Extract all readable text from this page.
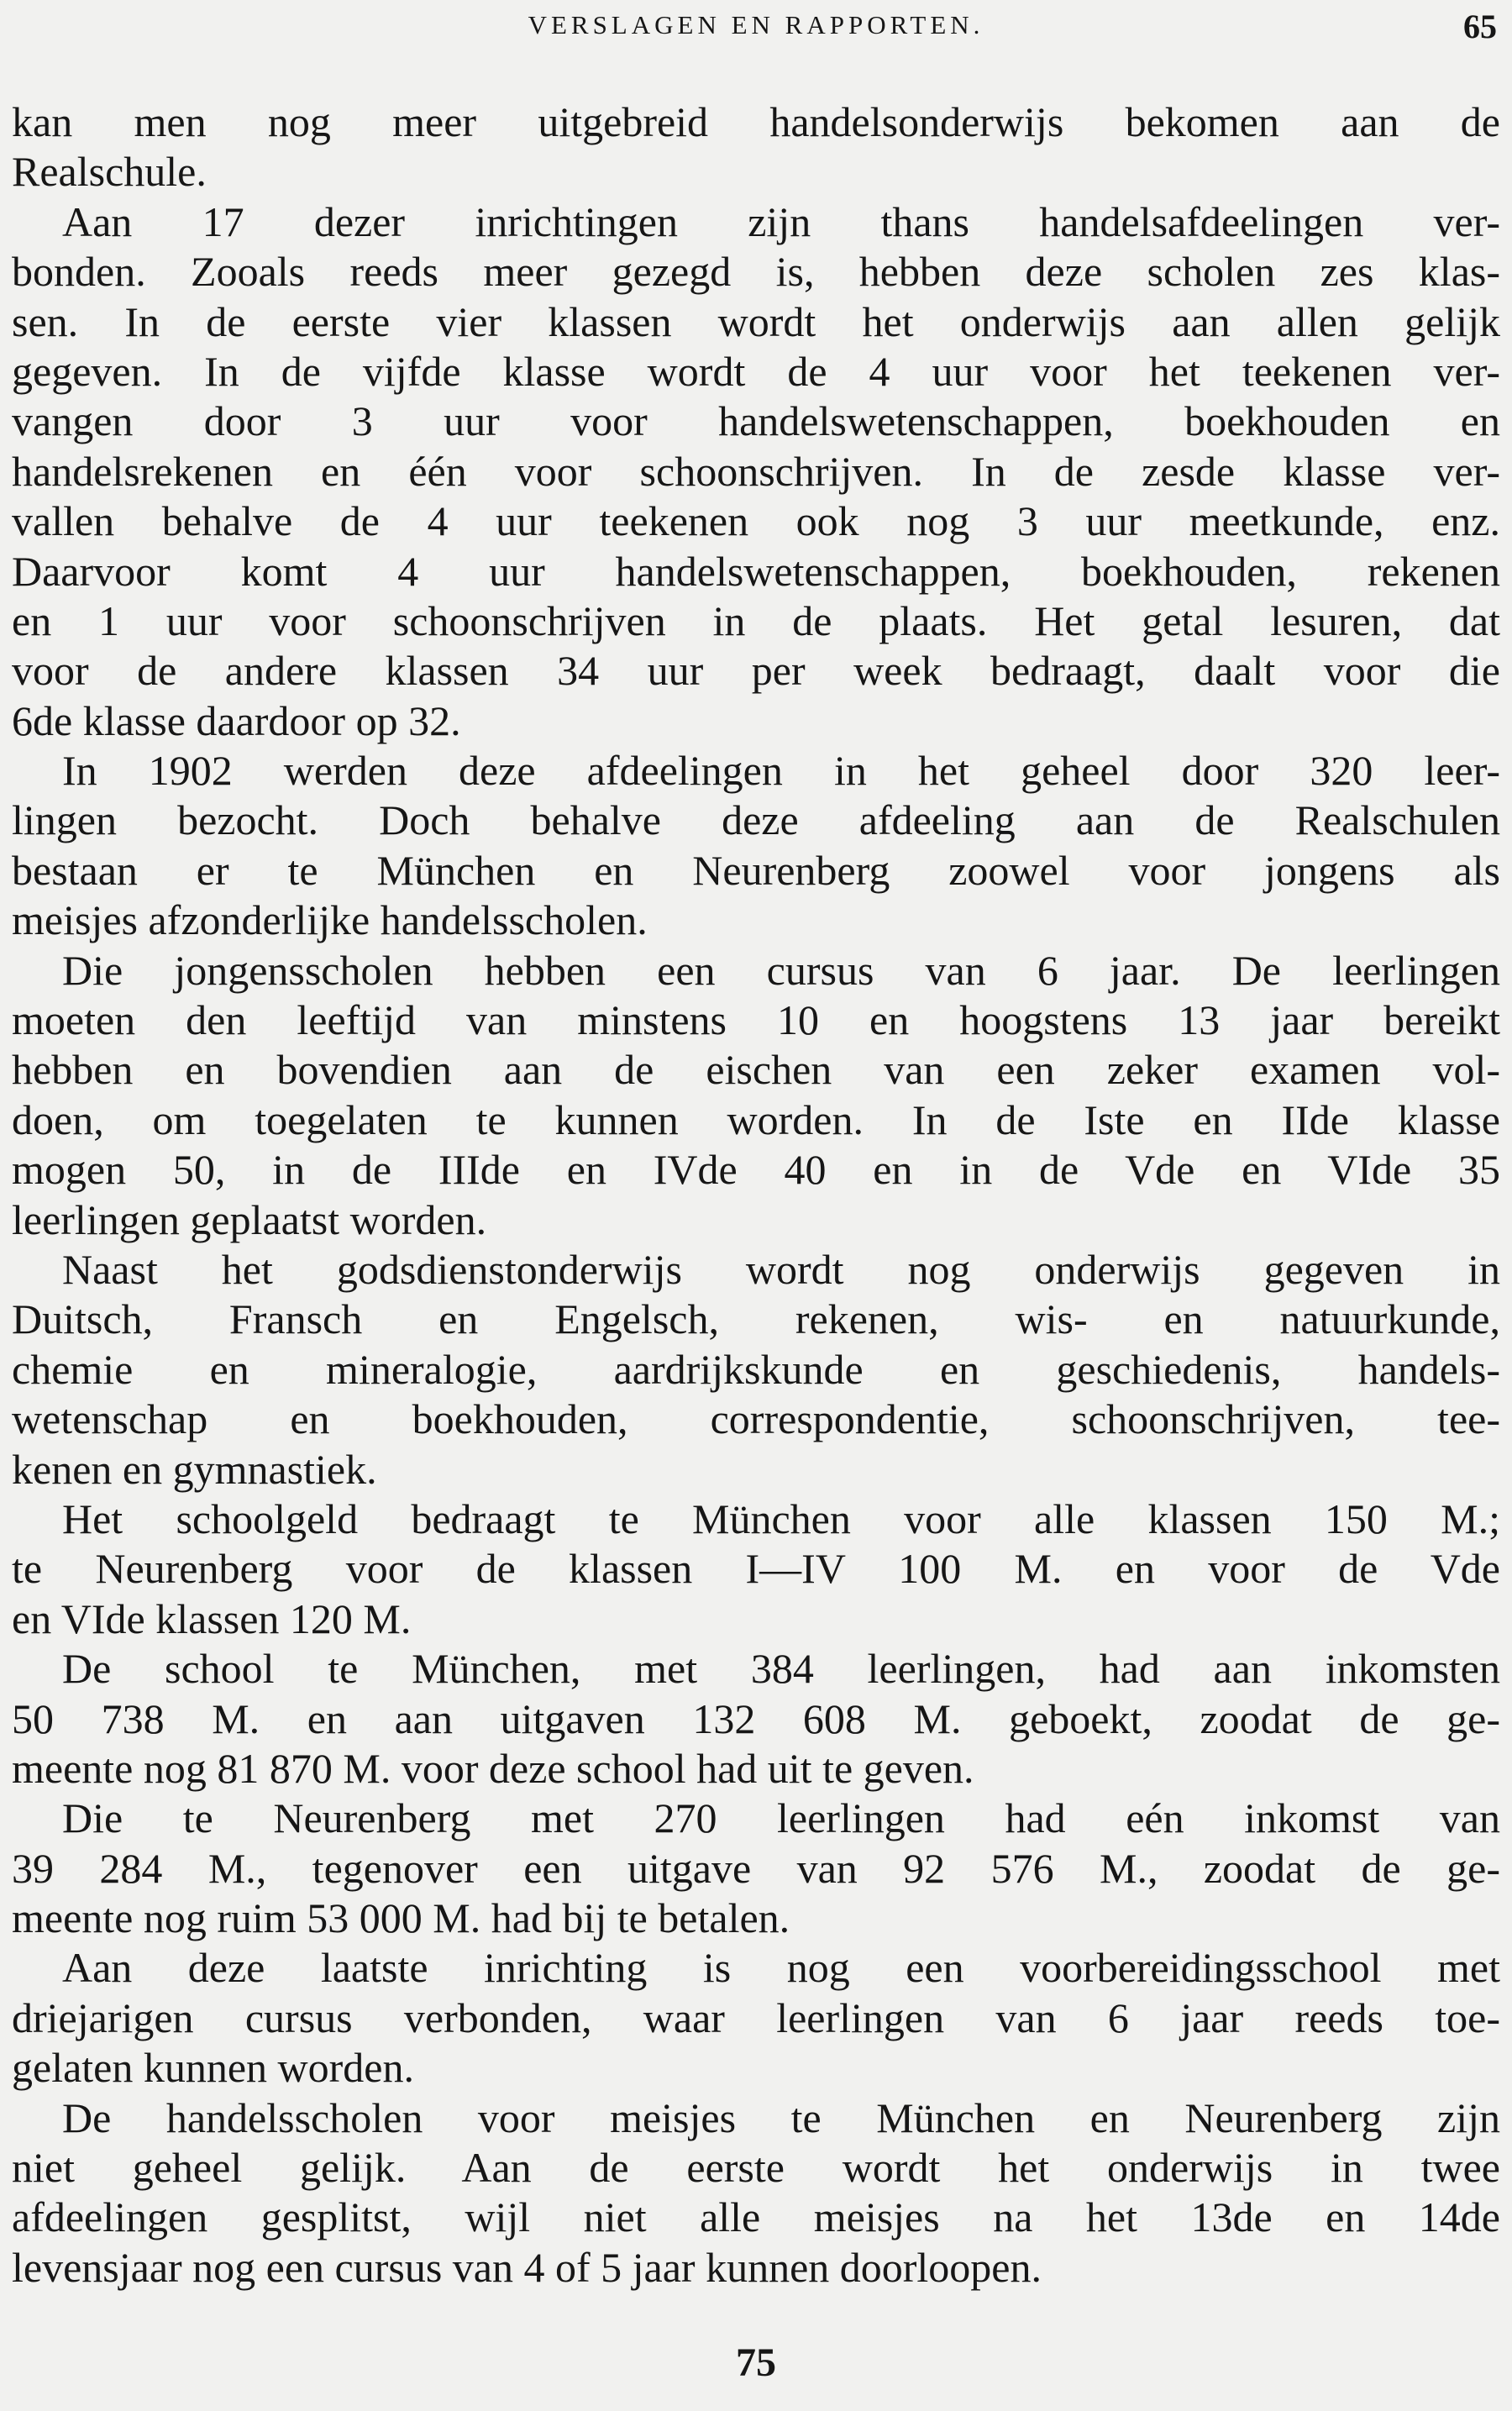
VERSLAGEN EN RAPPORTEN.	65
kan men nog meer uitgebreid handelsonderwijs bekomen aan de
Realschule.
Aan 17 dezer inrichtingen zijn thans handelsafdeelingen ver-
bonden. Zooals reeds meer gezegd is, hebben deze scholen zes klas-
sen. In de eerste vier klassen wordt het onderwijs aan allen gelijk
gegeven. In de vijfde klasse wordt de 4 uur voor het teekenen ver-
vangen door 3 uur voor handelswetenschappen, boekhouden en
handelsrekenen en één voor schoonschrijven. In de zesde klasse ver-
vallen behalve de 4 uur teekenen ook nog 3 uur meetkunde, enz.
Daarvoor komt 4 uur handelswetenschappen, boekhouden, rekenen
en 1 uur voor schoonschrijven in de plaats. Het getal lesuren, dat
voor de andere klassen 34 uur per week bedraagt, daalt voor die
6de klasse daardoor op 32.
In 1902 werden deze afdeelingen in het geheel door 320 leer-
lingen bezocht. Doch behalve deze afdeeling aan de Realschulen
bestaan er te München en Neurenberg zoowel voor jongens als
meisjes afzonderlijke handelsscholen.
Die jongensscholen hebben een cursus van 6 jaar. De leerlingen
moeten den leeftijd van minstens 10 en hoogstens 13 jaar bereikt
hebben en bovendien aan de eischen van een zeker examen vol-
doen, om toegelaten te kunnen worden. In de Iste en IIde klasse
mogen 50, in de IIIde en IVde 40 en in de Vde en VIde 35
leerlingen geplaatst worden.
Naast het godsdienstonderwijs wordt nog onderwijs gegeven in
Duitsch, Fransch en Engelsch, rekenen, wis- en natuurkunde,
chemie en mineralogie, aardrijkskunde en geschiedenis, handels-
wetenschap en boekhouden, correspondentie, schoonschrijven, tee-
kenen en gymnastiek.
Het schoolgeld bedraagt te München voor alle klassen 150 M.;
te Neurenberg voor de klassen I—IV 100 M. en voor de Vde
en VIde klassen 120 M.
De school te München, met 384 leerlingen, had aan inkomsten
50 738 M. en aan uitgaven 132 608 M. geboekt, zoodat de ge-
meente nog 81 870 M. voor deze school had uit te geven.
Die te Neurenberg met 270 leerlingen had eén inkomst van
39 284 M., tegenover een uitgave van 92 576 M., zoodat de ge-
meente nog ruim 53 000 M. had bij te betalen.
Aan deze laatste inrichting is nog een voorbereidingsschool met
driejarigen cursus verbonden, waar leerlingen van 6 jaar reeds toe-
gelaten kunnen worden.
De handelsscholen voor meisjes te München en Neurenberg zijn
niet geheel gelijk. Aan de eerste wordt het onderwijs in twee
afdeelingen gesplitst, wijl niet alle meisjes na het 13de en 14de
levensjaar nog een cursus van 4 of 5 jaar kunnen doorloopen.
75
